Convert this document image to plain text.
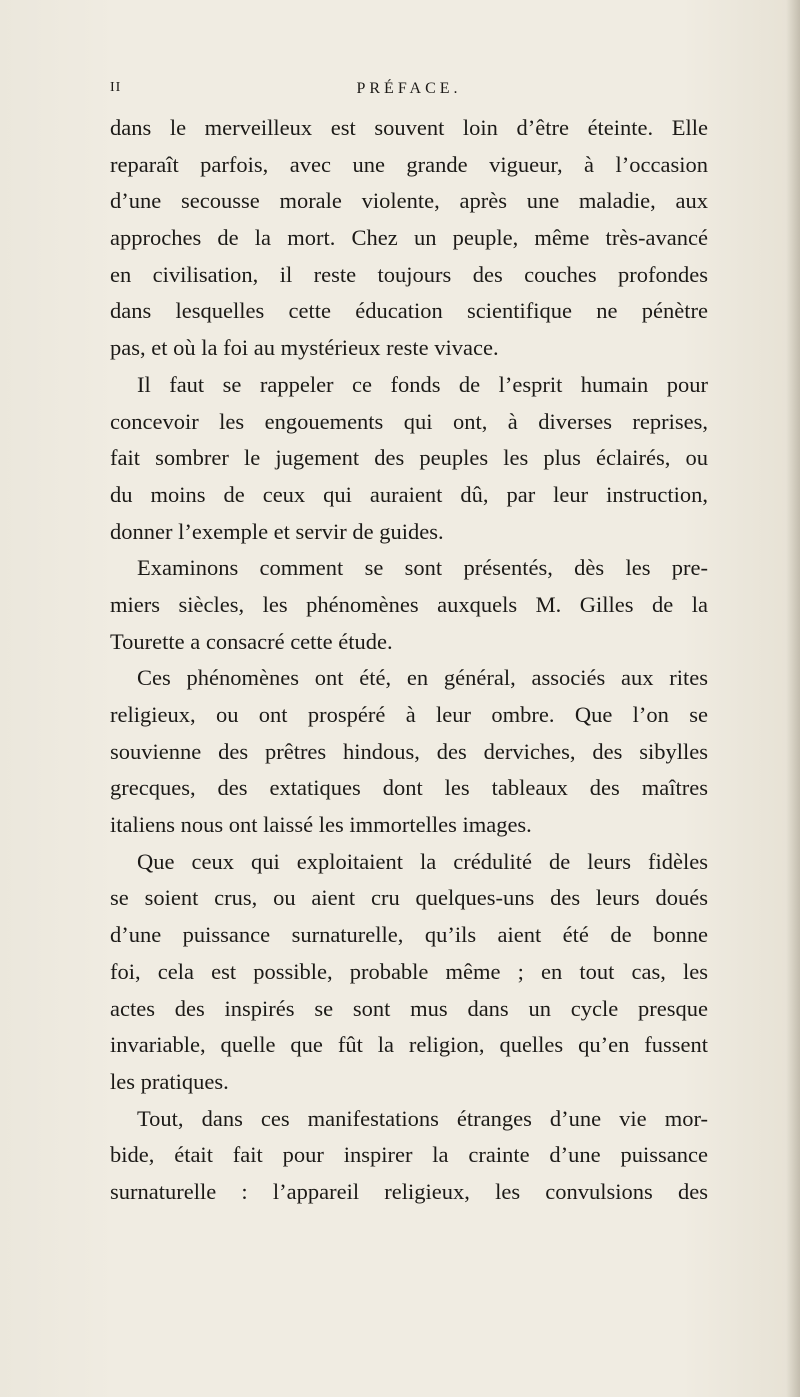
II	PRÉFACE.
dans le merveilleux est souvent loin d’être éteinte. Elle
reparaît parfois, avec une grande vigueur, à l’occasion
d’une secousse morale violente, après une maladie, aux
approches de la mort. Chez un peuple, même très-avancé
en civilisation, il reste toujours des couches profondes
dans lesquelles cette éducation scientifique ne pénètre
pas, et où la foi au mystérieux reste vivace.
Il faut se rappeler ce fonds de l’esprit humain pour
concevoir les engouements qui ont, à diverses reprises,
fait sombrer le jugement des peuples les plus éclairés, ou
du moins de ceux qui auraient dû, par leur instruction,
donner l’exemple et servir de guides.
Examinons comment se sont présentés, dès les pre-
miers siècles, les phénomènes auxquels M. Gilles de la
Tourette a consacré cette étude.
Ces phénomènes ont été, en général, associés aux rites
religieux, ou ont prospéré à leur ombre. Que l’on se
souvienne des prêtres hindous, des derviches, des sibylles
grecques, des extatiques dont les tableaux des maîtres
italiens nous ont laissé les immortelles images.
Que ceux qui exploitaient la crédulité de leurs fidèles
se soient crus, ou aient cru quelques-uns des leurs doués
d’une puissance surnaturelle, qu’ils aient été de bonne
foi, cela est possible, probable même ; en tout cas, les
actes des inspirés se sont mus dans un cycle presque
invariable, quelle que fût la religion, quelles qu’en fussent
les pratiques.
Tout, dans ces manifestations étranges d’une vie mor-
bide, était fait pour inspirer la crainte d’une puissance
surnaturelle : l’appareil religieux, les convulsions des
